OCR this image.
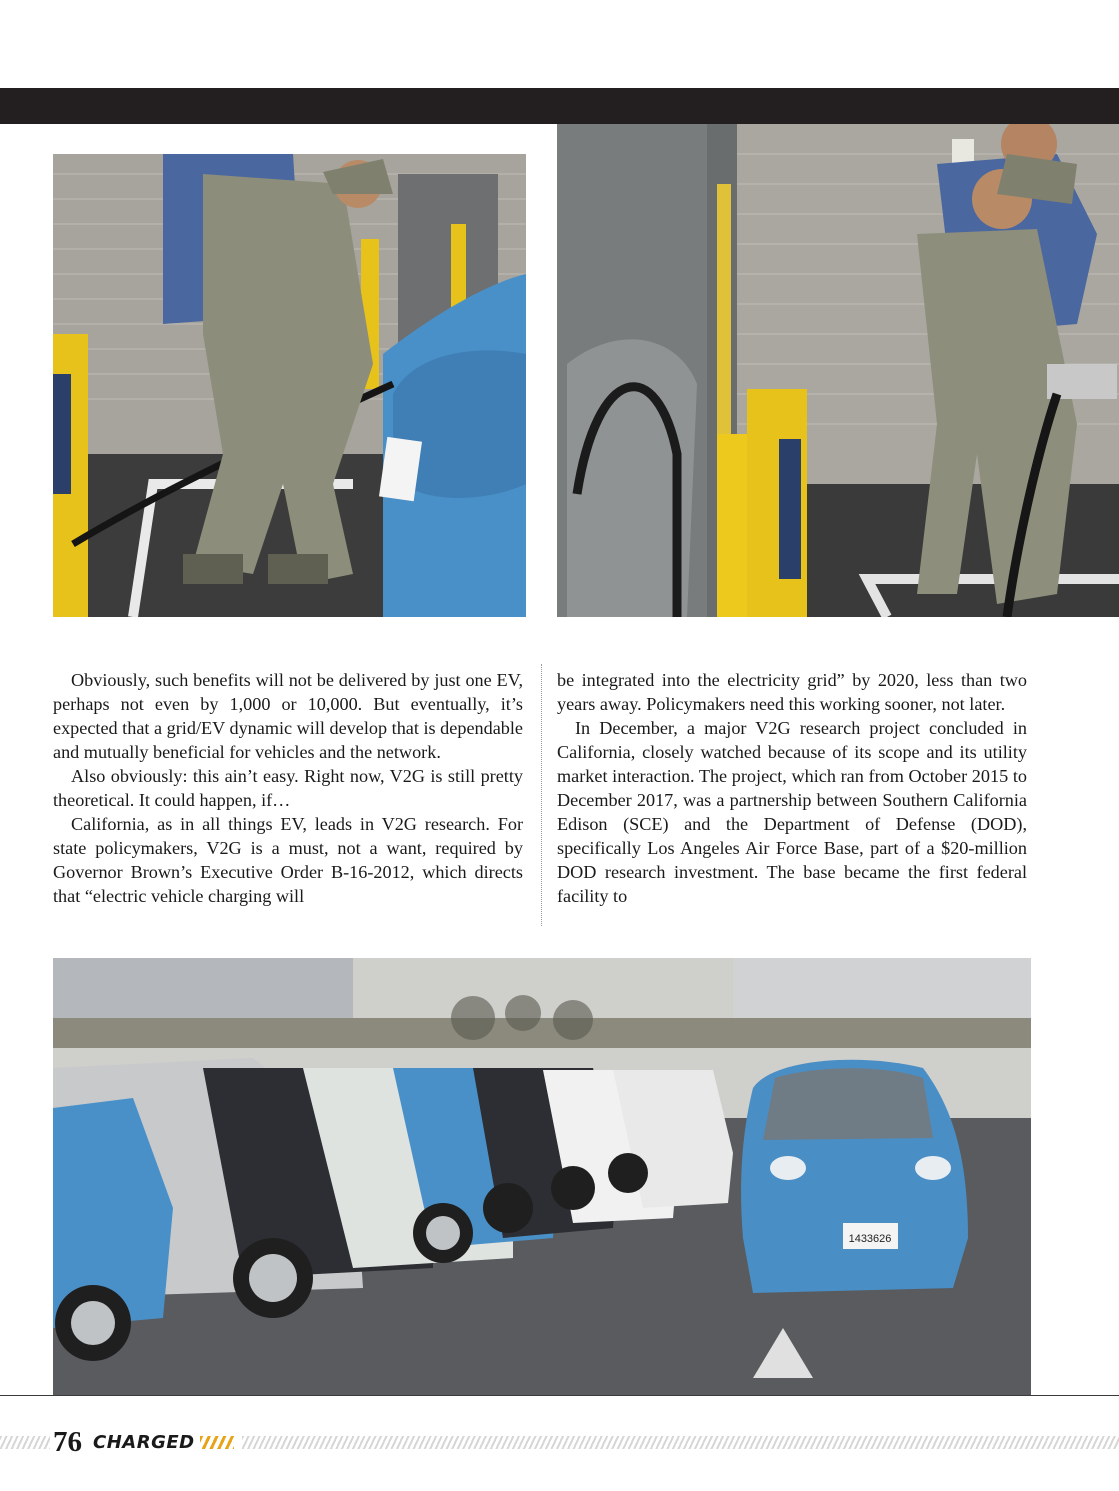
1433626

Obviously, such benefits will not be delivered by just one EV, perhaps not even by 1,000 or 10,000. But eventually, it’s expected that a grid/EV dynamic will develop that is dependable and mutually beneficial for vehicles and the network.

Also obviously: this ain’t easy. Right now, V2G is still pretty theoretical. It could happen, if…

California, as in all things EV, leads in V2G research. For state policymakers, V2G is a must, not a want, required by Governor Brown’s Executive Order B-16-2012, which directs that “electric vehicle charging will

be integrated into the electricity grid” by 2020, less than two years away. Policymakers need this working sooner, not later.

In December, a major V2G research project concluded in California, closely watched because of its scope and its utility market interaction. The project, which ran from October 2015 to December 2017, was a partnership between Southern California Edison (SCE) and the Department of Defense (DOD), specifically Los Angeles Air Force Base, part of a $20-million DOD research investment. The base became the first federal facility to

76 CHARGED
